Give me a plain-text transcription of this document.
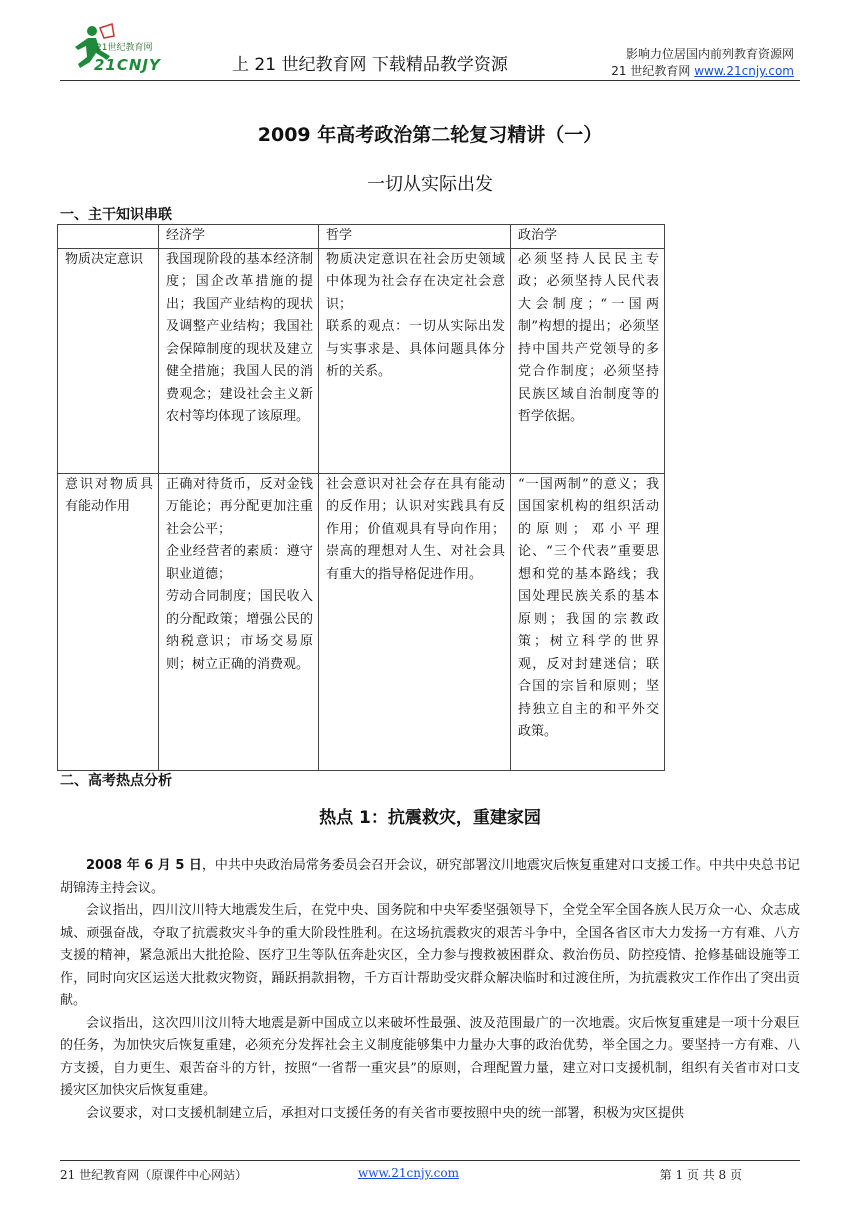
21世纪教育网
21CNJY	上 21 世纪教育网 下载精品教学资源
影响力位居国内前列教育资源网
21 世纪教育网 www.21cnjy.com
2009 年高考政治第二轮复习精讲（一）
一切从实际出发
一、主干知识串联
	经济学	哲学	政治学
物质决定意识	我国现阶段的基本经济制度；国企改革措施的提出；我国产业结构的现状及调整产业结构；我国社会保障制度的现状及建立健全措施；我国人民的消费观念；建设社会主义新农村等均体现了该原理。	物质决定意识在社会历史领域中体现为社会存在决定社会意识；
联系的观点：一切从实际出发与实事求是、具体问题具体分析的关系。	必须坚持人民民主专政；必须坚持人民代表大会制度；“一国两制”构想的提出；必须坚持中国共产党领导的多党合作制度；必须坚持民族区域自治制度等的哲学依据。
意识对物质具有能动作用	正确对待货币，反对金钱万能论；再分配更加注重社会公平；
企业经营者的素质：遵守职业道德；
劳动合同制度；国民收入的分配政策；增强公民的纳税意识；市场交易原则；树立正确的消费观。	社会意识对社会存在具有能动的反作用；认识对实践具有反作用；价值观具有导向作用；崇高的理想对人生、对社会具有重大的指导格促进作用。	“一国两制”的意义；我国国家机构的组织活动的原则；邓小平理论、“三个代表”重要思想和党的基本路线；我国处理民族关系的基本原则；我国的宗教政策；树立科学的世界观，反对封建迷信；联合国的宗旨和原则；坚持独立自主的和平外交政策。
二、高考热点分析
热点 1：抗震救灾，重建家园

2008 年 6 月 5 日，中共中央政治局常务委员会召开会议，研究部署汶川地震灾后恢复重建对口支援工作。中共中央总书记胡锦涛主持会议。

会议指出，四川汶川特大地震发生后，在党中央、国务院和中央军委坚强领导下，全党全军全国各族人民万众一心、众志成城、顽强奋战，夺取了抗震救灾斗争的重大阶段性胜利。在这场抗震救灾的艰苦斗争中，全国各省区市大力发扬一方有难、八方支援的精神，紧急派出大批抢险、医疗卫生等队伍奔赴灾区，全力参与搜救被困群众、救治伤员、防控疫情、抢修基础设施等工作，同时向灾区运送大批救灾物资，踊跃捐款捐物，千方百计帮助受灾群众解决临时和过渡住所，为抗震救灾工作作出了突出贡献。

会议指出，这次四川汶川特大地震是新中国成立以来破坏性最强、波及范围最广的一次地震。灾后恢复重建是一项十分艰巨的任务，为加快灾后恢复重建，必须充分发挥社会主义制度能够集中力量办大事的政治优势，举全国之力。要坚持一方有难、八方支援，自力更生、艰苦奋斗的方针，按照“一省帮一重灾县”的原则，合理配置力量，建立对口支援机制，组织有关省市对口支援灾区加快灾后恢复重建。

会议要求，对口支援机制建立后，承担对口支援任务的有关省市要按照中央的统一部署，积极为灾区提供

21 世纪教育网（原课件中心网站）	www.21cnjy.com	第 1 页 共 8 页
